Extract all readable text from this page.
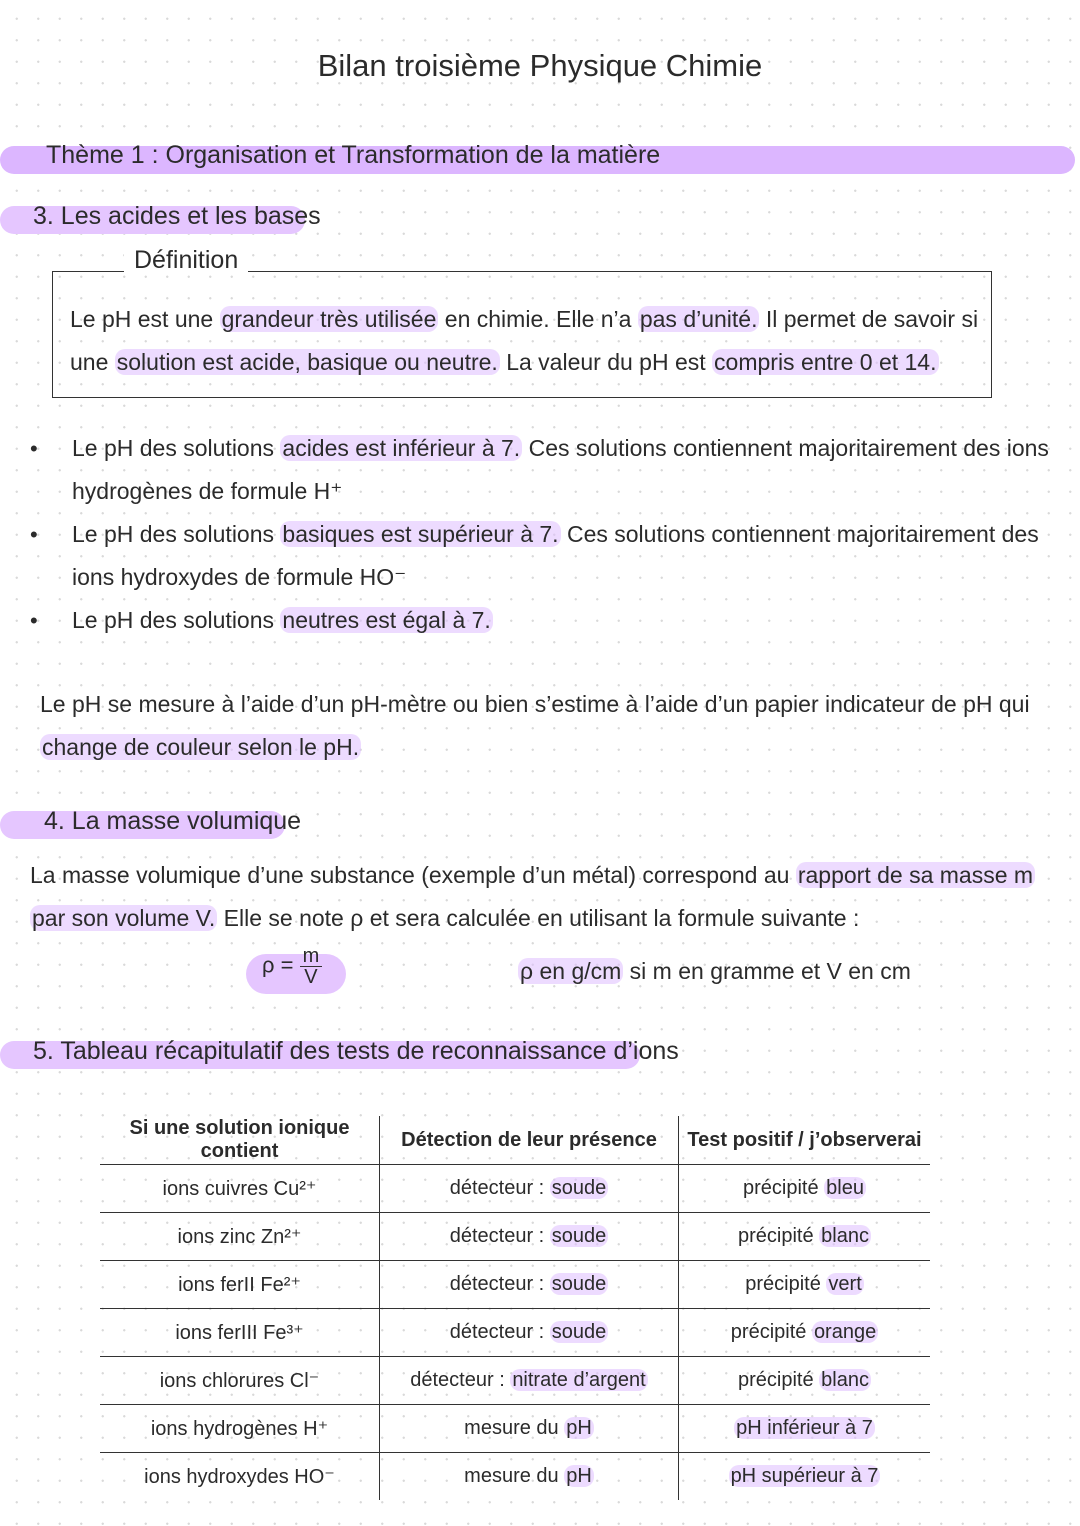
Bilan troisième Physique Chimie
Thème 1 : Organisation et Transformation de la matière
3. Les acides et les bases
Définition
Le pH est une grandeur très utilisée en chimie. Elle n’a pas d’unité. Il permet de savoir si
une solution est acide, basique ou neutre. La valeur du pH est compris entre 0 et 14.
• Le pH des solutions acides est inférieur à 7. Ces solutions contiennent majoritairement des ions
hydrogènes de formule H⁺
• Le pH des solutions basiques est supérieur à 7. Ces solutions contiennent majoritairement des
ions hydroxydes de formule HO⁻
• Le pH des solutions neutres est égal à 7.
Le pH se mesure à l’aide d’un pH-mètre ou bien s’estime à l’aide d’un papier indicateur de pH qui
change de couleur selon le pH.
4. La masse volumique
La masse volumique d’une substance (exemple d’un métal) correspond au rapport de sa masse m
par son volume V. Elle se note ρ et sera calculée en utilisant la formule suivante :
$\rho = \frac{m}{V}$	ρ en g/cm si m en gramme et V en cm
5. Tableau récapitulatif des tests de reconnaissance d’ions
Si une solution ionique contient	Détection de leur présence	Test positif / j’observerai
ions cuivres Cu²⁺	détecteur : soude	précipité bleu
ions zinc Zn²⁺	détecteur : soude	précipité blanc
ions ferII Fe²⁺	détecteur : soude	précipité vert
ions ferIII Fe³⁺	détecteur : soude	précipité orange
ions chlorures Cl⁻	détecteur : nitrate d’argent	précipité blanc
ions hydrogènes H⁺	mesure du pH	pH inférieur à 7
ions hydroxydes HO⁻	mesure du pH	pH supérieur à 7
